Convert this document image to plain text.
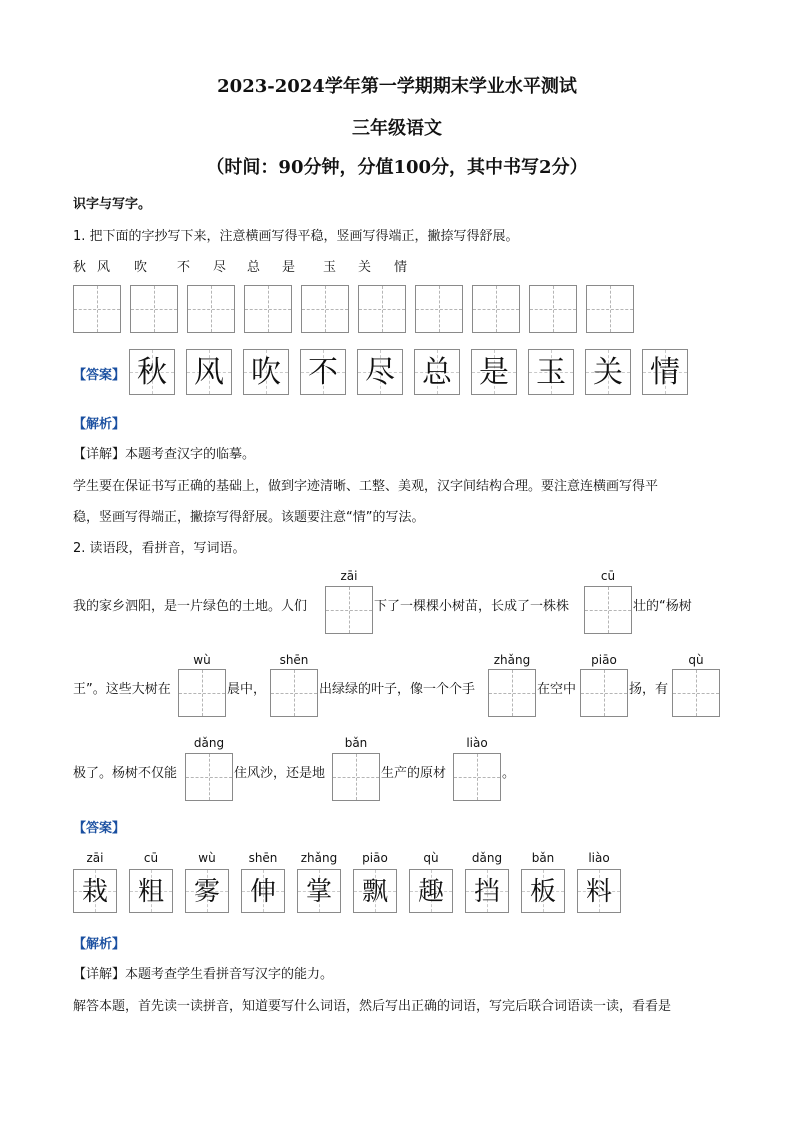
2023-2024学年第一学期期末学业水平测试
三年级语文
（时间：90分钟，分值100分，其中书写2分）
识字与写字。
1. 把下面的字抄写下来，注意横画写得平稳，竖画写得端正，撇捺写得舒展。
秋 风 吹 不 尽 总 是 玉 关 情
【答案】 秋 风 吹 不 尽 总 是 玉 关 情
【解析】
【详解】本题考查汉字的临摹。
学生要在保证书写正确的基础上，做到字迹清晰、工整、美观，汉字间结构合理。要注意连横画写得平
稳，竖画写得端正，撇捺写得舒展。该题要注意“情”的写法。
2. 读语段，看拼音，写词语。
zāi	cū
我的家乡泗阳，是一片绿色的土地。人们	下了一棵棵小树苗，长成了一株株	壮的“杨树
wù	shēn	zhǎng	piāo	qù
王”。这些大树在	晨中，	出绿绿的叶子，像一个个手	在空中	扬，有
dǎng	bǎn	liào
极了。杨树不仅能	住风沙，还是地	生产的原材	。
【答案】
zāi	cū	wù	shēn	zhǎng	piāo	qù	dǎng	bǎn	liào
栽	粗	雾	伸	掌	飘	趣	挡	板	料
【解析】
【详解】本题考查学生看拼音写汉字的能力。
解答本题，首先读一读拼音，知道要写什么词语，然后写出正确的词语，写完后联合词语读一读，看看是
